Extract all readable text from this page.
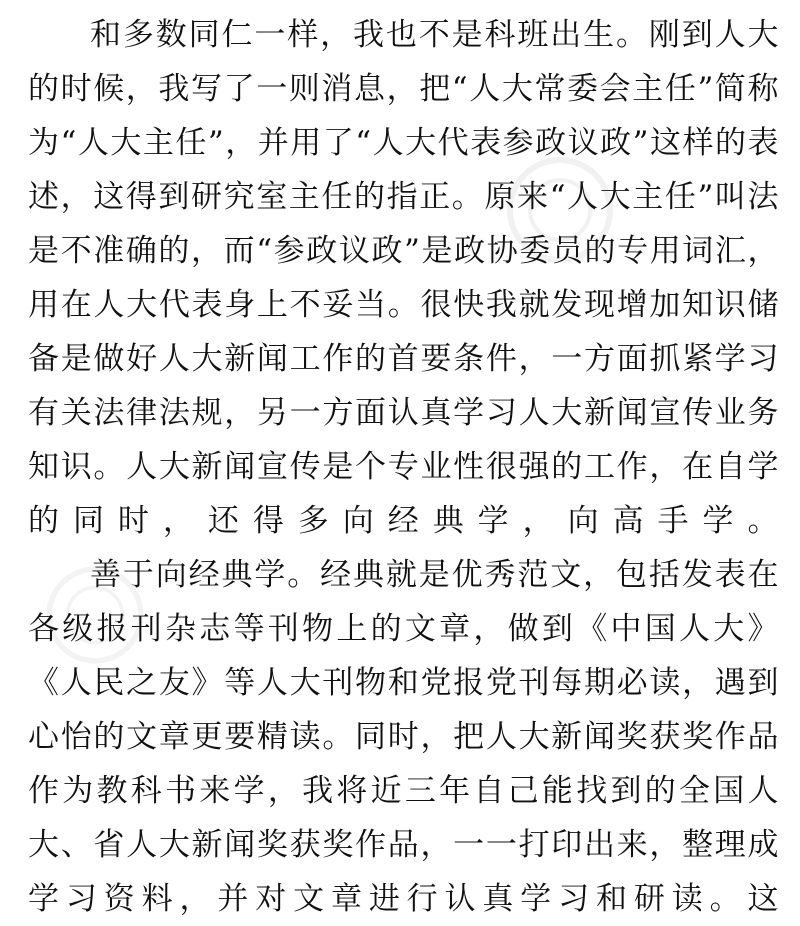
和多数同仁一样，我也不是科班出生。刚到人大的时候，我写了一则消息，把“人大常委会主任”简称为“人大主任”，并用了“人大代表参政议政”这样的表述，这得到研究室主任的指正。原来“人大主任”叫法是不准确的，而“参政议政”是政协委员的专用词汇，用在人大代表身上不妥当。很快我就发现增加知识储备是做好人大新闻工作的首要条件，一方面抓紧学习有关法律法规，另一方面认真学习人大新闻宣传业务知识。人大新闻宣传是个专业性很强的工作，在自学的同时，还得多向经典学，向高手学。

善于向经典学。经典就是优秀范文，包括发表在各级报刊杂志等刊物上的文章，做到《中国人大》《人民之友》等人大刊物和党报党刊每期必读，遇到心怡的文章更要精读。同时，把人大新闻奖获奖作品作为教科书来学，我将近三年自己能找到的全国人大、省人大新闻奖获奖作品，一一打印出来，整理成学习资料，并对文章进行认真学习和研读。这
